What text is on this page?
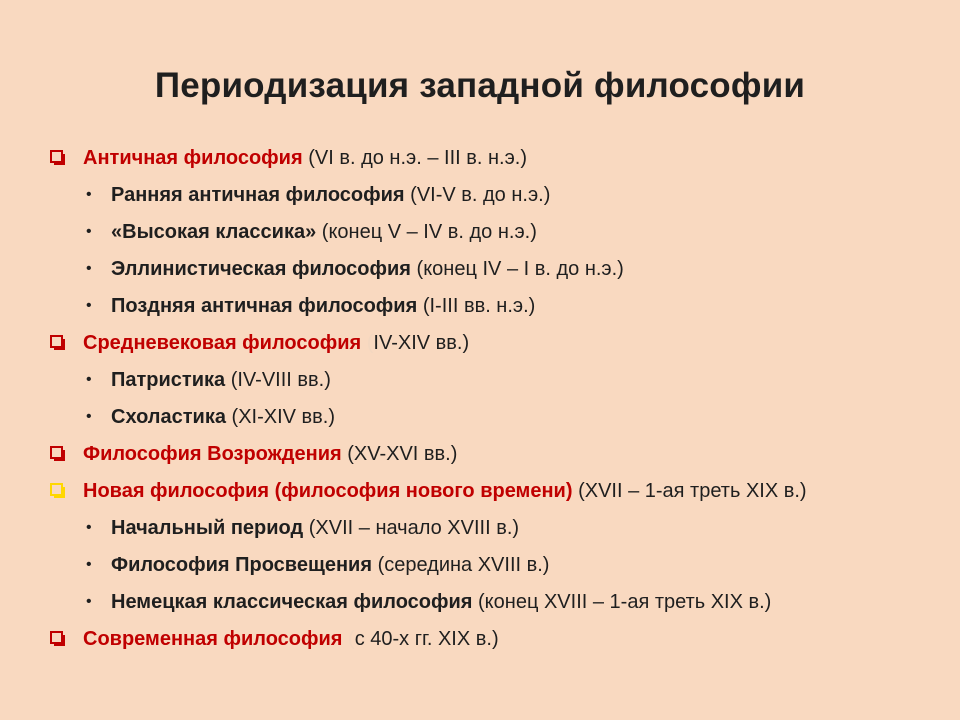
Периодизация западной философии
Античная философия (VI в. до н.э. – III в. н.э.)
• Ранняя античная философия (VI-V в. до н.э.)
• «Высокая классика» (конец V – IV в. до н.э.)
• Эллинистическая философия (конец IV – I в. до н.э.)
• Поздняя античная философия (I-III вв. н.э.)
Средневековая философия (IV-XIV вв.)
• Патристика (IV-VIII вв.)
• Схоластика (XI-XIV вв.)
Философия Возрождения (XV-XVI вв.)
Новая философия (философия нового времени) (XVII – 1-ая треть XIX в.)
• Начальный период (XVII – начало XVIII в.)
• Философия Просвещения (середина XVIII в.)
• Немецкая классическая философия (конец XVIII – 1-ая треть XIX в.)
Современная философия (с 40-х гг. XIX в.)
